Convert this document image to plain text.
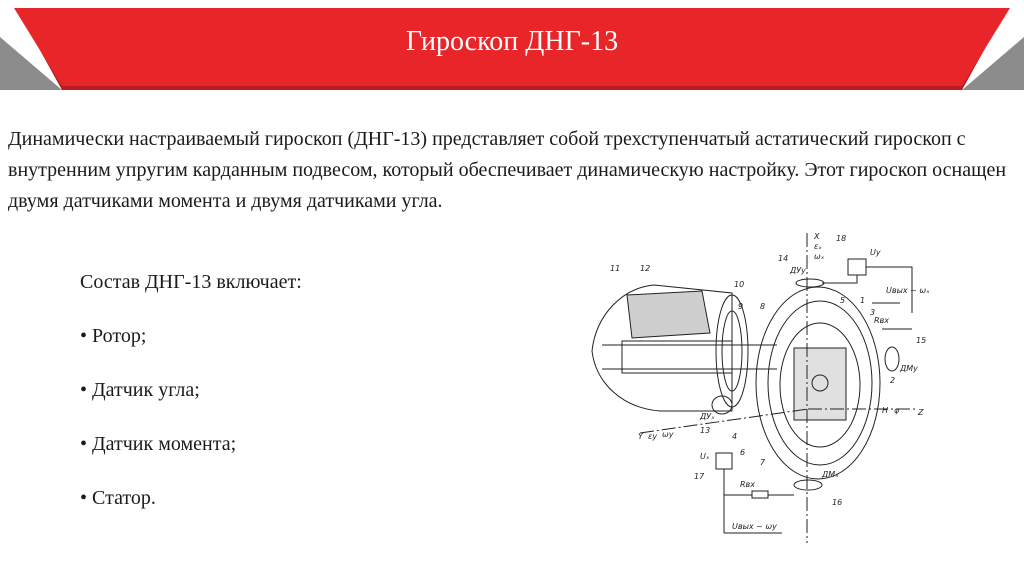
Гироскоп ДНГ-13
Динамически настраиваемый гироскоп (ДНГ-13) представляет собой трехступенчатый астатический гироскоп с внутренним упругим карданным подвесом, который обеспечивает динамическую настройку. Этот гироскоп оснащен двумя датчиками момента и двумя датчиками угла.
Состав ДНГ-13 включает:
• Ротор;
• Датчик угла;
• Датчик момента;
• Статор.
11 12
10
9 8
14
18
5 1
3
2
15
4
13
6
7
17
16
X
εₓ
ωₓ
ДУy
Uy
Uвых ~ ωₓ
Rвх
ДМy
H φ Z
Y εy ωy
ДУₓ
Uₓ
Rвх
ДМₓ
Uвых ~ ωy
